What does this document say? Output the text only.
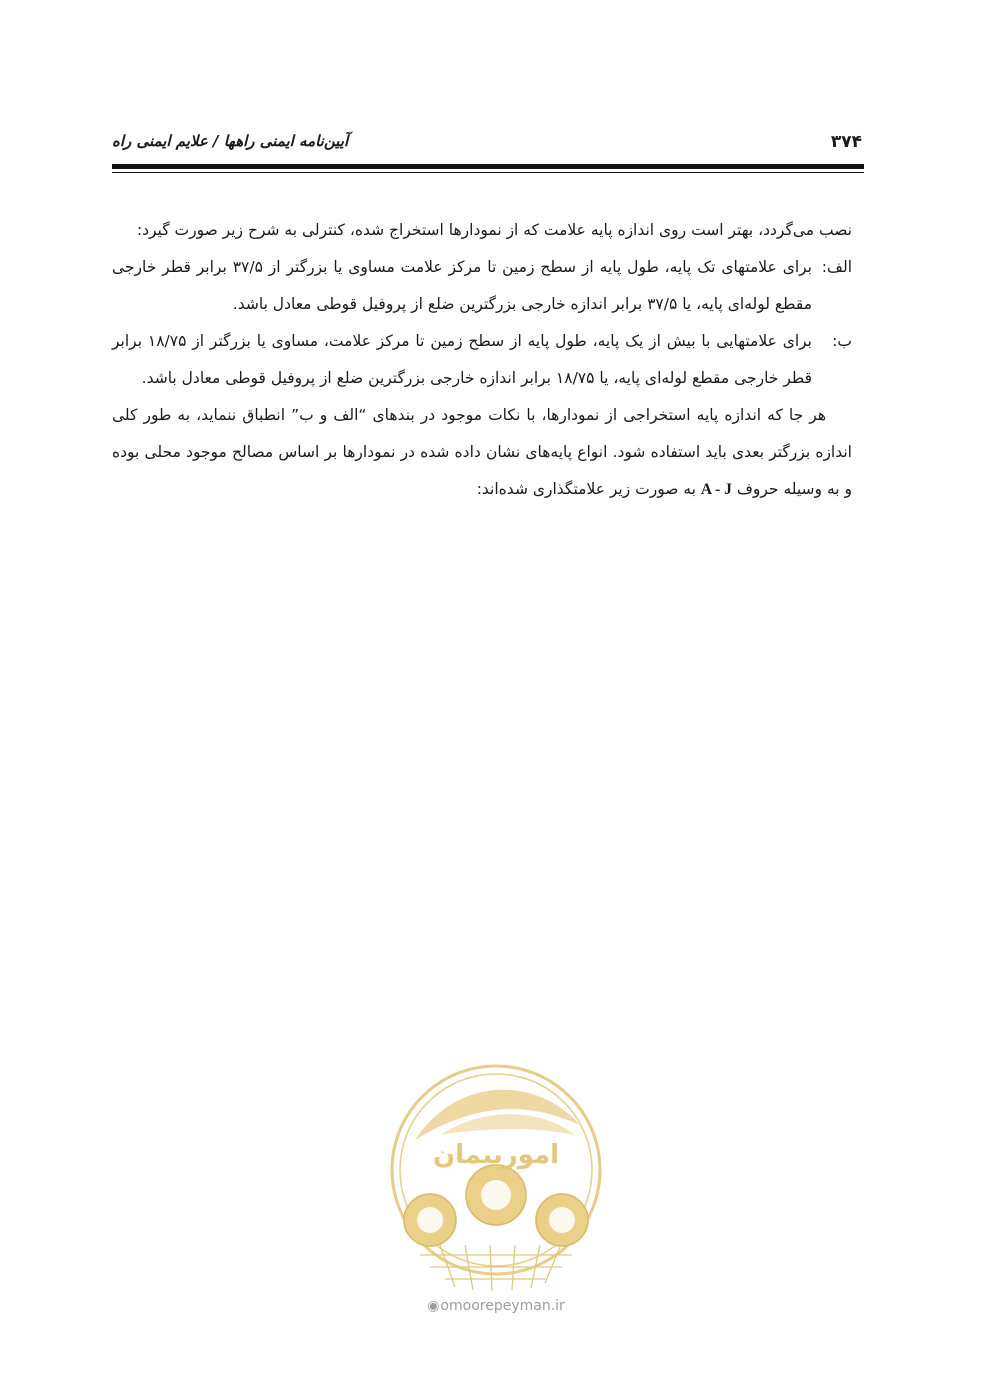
۳۷۴
آیین‌نامه ایمنی راهها / علایم ایمنی راه

نصب می‌گردد، بهتر است روی اندازه پایه علامت که از نمودارها استخراج شده، کنترلی به شرح زیر صورت گیرد:

الف:
برای علامتهای تک پایه، طول پایه از سطح زمین تا مرکز علامت مساوی یا بزرگتر از ۳۷/۵ برابر قطر خارجی مقطع لوله‌ای پایه، یا ۳۷/۵ برابر اندازه خارجی بزرگترین ضلع از پروفیل قوطی معادل باشد.
ب:
برای علامتهایی با بیش از یک پایه، طول پایه از سطح زمین تا مرکز علامت، مساوی یا بزرگتر از ۱۸/۷۵ برابر قطر خارجی مقطع لوله‌ای پایه، یا ۱۸/۷۵ برابر اندازه خارجی بزرگترین ضلع از پروفیل قوطی معادل باشد.

هر جا که اندازه پایه استخراجی از نمودارها، با نکات موجود در بندهای “الف و ب” انطباق ننماید، به طور کلی اندازه بزرگتر بعدی باید استفاده شود. انواع پایه‌های نشان داده شده در نمودارها بر اساس مصالح موجود محلی بوده و به وسیله حروف A - J به صورت زیر علامتگذاری شده‌اند:

امورپیمان
◉omoorepeyman.ir
